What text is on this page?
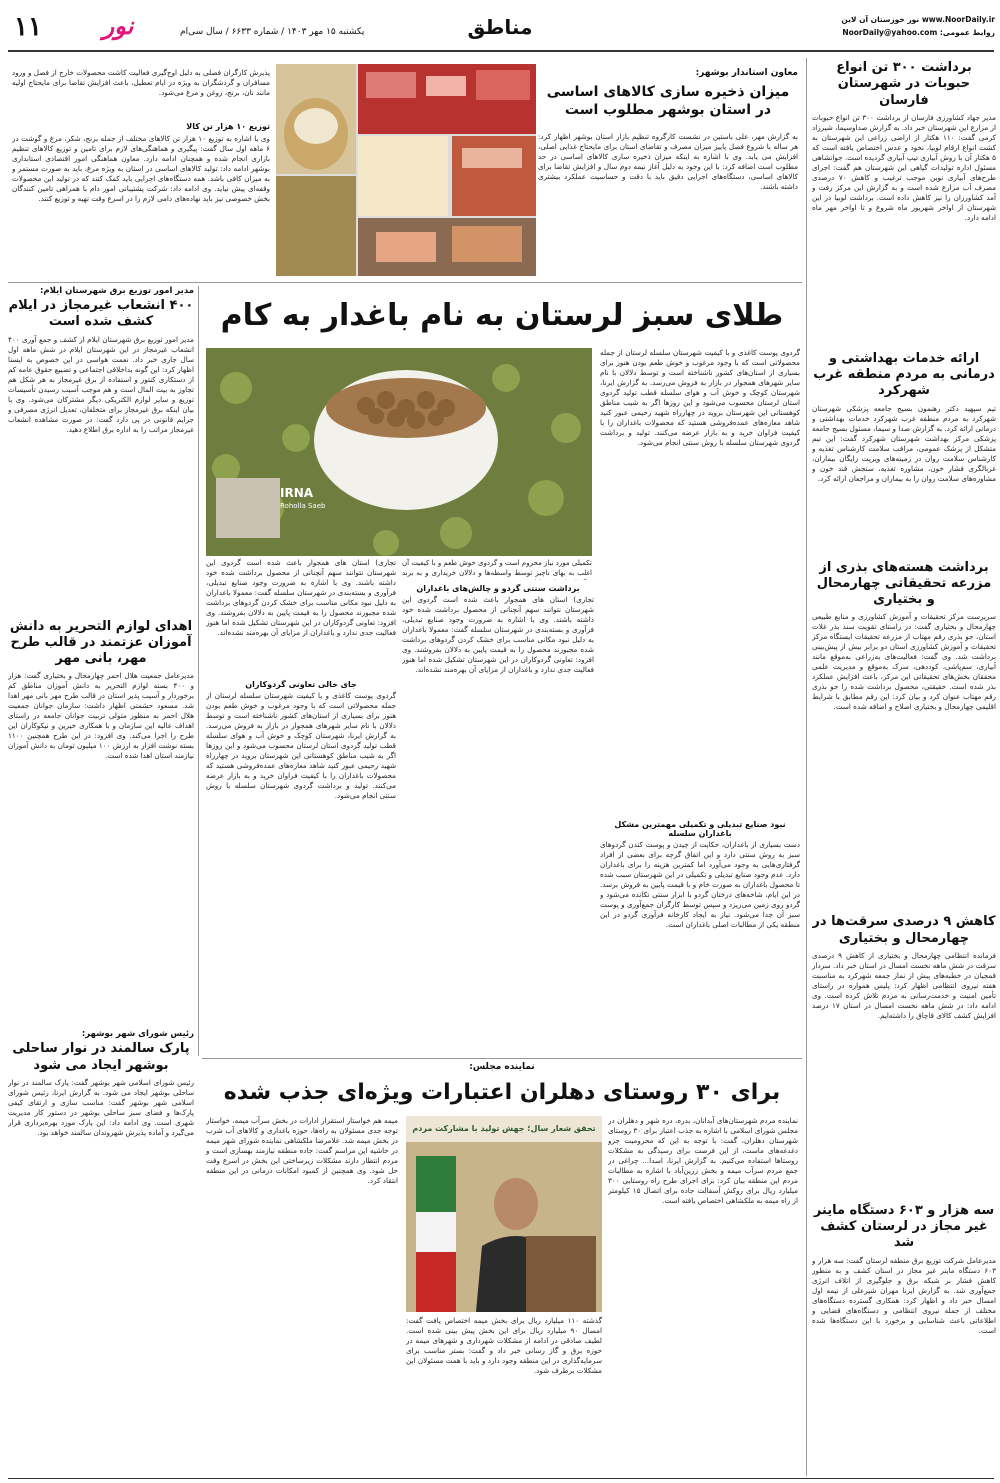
۱۱	نور	یکشنبه ۱۵ مهر ۱۴۰۳ / شماره ۶۶۳۳ / سال سی‌ام	مناطق	www.NoorDaily.ir نور خوزستان آن لاین
روابط عمومی: NoorDaily@yahoo.com
برداشت ۳۰۰ تن انواع حبوبات در شهرستان فارسان
مدیر جهاد کشاورزی فارسان از برداشت ۳۰۰ تن انواع حبوبات از مزارع این شهرستان خبر داد. به گزارش صداوسیما، شیرزاد کرمی گفت: ۱۱۰ هکتار از اراضی زراعی این شهرستان به کشت انواع ارقام لوبیا، نخود و عدس اختصاص یافته است که ۵ هکتار آن با روش آبیاری تیپ آبیاری گردیده است. جوانشاهی مسئول اداره تولیدات گیاهی این شهرستان هم گفت: اجرای طرح‌های آبیاری نوین موجب ترغیب و کاهش ۷۰ درصدی مصرف آب مزارع شده است و به گزارش این مرکز رفت و آمد کشاورزان را نیز کاهش داده است. برداشت لوبیا در این شهرستان از اواخر شهریور ماه شروع و تا اواخر مهر ماه ادامه دارد.
ارائه خدمات بهداشتی و درمانی به مردم منطقه غرب شهرکرد
تیم سپهید دکتر رهنمون بسیج جامعه پزشکی شهرستان شهرکرد به مردم منطقه غرب شهرکرد خدمات بهداشتی و درمانی ارائه کرد. به گزارش صدا و سیما، مسئول بسیج جامعه پزشکی مرکز بهداشت شهرستان شهرکرد گفت: این تیم متشکل از پزشک عمومی، مراقب سلامت کارشناس تغذیه و کارشناس سلامت روان در زمینه‌های ویزیت رایگان بیماران، غربالگری فشار خون، مشاوره تغذیه، سنجش قند خون و مشاوره‌های سلامت روان را به بیماران و مراجعان ارائه کرد.
برداشت هسته‌های بذری از مزرعه تحقیقاتی چهارمحال و بختیاری
سرپرست مرکز تحقیقات و آموزش کشاورزی و منابع طبیعی چهارمحال و بختیاری گفت: در راستای تقویت سند بذر غلات استان، جو بذری رقم مهتاب از مزرعه تحقیقات ایستگاه مرکز تحقیقات و آموزش کشاورزی استان دو برابر بیش از پیش‌بینی برداشت شد. وی گفت: فعالیت‌های به‌زراعی به‌موقع مانند آبیاری، سم‌پاشی، کوددهی، سرک به‌موقع و مدیریت علمی محققان بخش‌های تحقیقاتی این مرکز، باعث افزایش عملکرد بذر شده است. حقیقتی، محصول برداشت شده را جو بذری رقم مهتاب عنوان کرد و بیان کرد: این رقم مطابق با شرایط اقلیمی چهارمحال و بختیاری اصلاح و اضافه شده است.
کاهش ۹ درصدی سرقت‌ها در چهارمحال و بختیاری
فرمانده انتظامی چهارمحال و بختیاری از کاهش ۹ درصدی سرقت در شش ماهه نخست امسال در استان خبر داد. سردار قمجیان در خطبه‌های پیش از نماز جمعه شهرکرد به مناسبت هفته نیروی انتظامی اظهار کرد: پلیس همواره در راستای تأمین امنیت و خدمت‌رسانی به مردم تلاش کرده است. وی ادامه داد: در شش ماهه نخست امسال در استان ۱۷ درصد افزایش کشف کالای قاچاق را داشته‌ایم.
سه هزار و ۶۰۳ دستگاه ماینر غیر مجاز در لرستان کشف شد
مدیرعامل شرکت توزیع برق منطقه لرستان گفت: سه هزار و ۶۰۳ دستگاه ماینر غیر مجاز در استان کشف و به منظور کاهش فشار بر شبکه برق و جلوگیری از اتلاف انرژی جمع‌آوری شد. به گزارش ایرنا مهران شیرعلی از نیمه اول امسال خبر داد و اظهار کرد: همکاری گسترده دستگاه‌های مختلف از جمله نیروی انتظامی و دستگاه‌های قضایی و اطلاعاتی باعث شناسایی و برخورد با این دستگاه‌ها شده است.
معاون استاندار بوشهر:
میزان ذخیره سازی کالاهای اساسی در استان بوشهر مطلوب است
به گزارش مهر، علی باستین در نشست کارگروه تنظیم بازار استان بوشهر اظهار کرد: هر ساله با شروع فصل پاییز میزان مصرف و تقاضای استان برای مایحتاج غذایی اصلی، افزایش می یابد. وی با اشاره به اینکه میزان ذخیره سازی کالاهای اساسی در حد مطلوب است اضافه کرد: با این وجود به دلیل آغاز نیمه دوم سال و افزایش تقاضا برای کالاهای اساسی، دستگاه‌های اجرایی دقیق باید با دقت و حساسیت عملکرد بیشتری داشته باشند.
پذیرش کارگران فصلی به دلیل اوج‌گیری فعالیت کاشت محصولات خارج از فصل و ورود مسافران و گردشگران به ویژه در ایام تعطیل، باعث افزایش تقاضا برای مایحتاج اولیه مانند نان، برنج، روغن و مرغ می‌شود.
توزیع ۱۰ هزار تن کالا
وی با اشاره به توزیع ۱۰ هزار تن کالاهای مختلف از جمله برنج، شکر، مرغ و گوشت در ۶ ماهه اول سال گفت: پیگیری و هماهنگی‌های لازم برای تامین و توزیع کالاهای تنظیم بازاری انجام شده و همچنان ادامه دارد. معاون هماهنگی امور اقتصادی استانداری بوشهر ادامه داد: تولید کالاهای اساسی در استان به ویژه مرغ، باید به صورت مستمر و به میزان کافی باشد. همه دستگاه‌های اجرایی باید کمک کنند که در تولید این محصولات وقفه‌ای پیش نیاید. وی ادامه داد: شرکت پشتیبانی امور دام با همراهی تامین کنندگان بخش خصوصی نیز باید نهاده‌های دامی لازم را در اسرع وقت تهیه و توزیع کنند.
مدیر امور توزیع برق شهرستان ایلام:
۴۰۰ انشعاب غیرمجاز در ایلام کشف شده است
مدیر امور توزیع برق شهرستان ایلام از کشف و جمع آوری ۴۰۰ انشعاب غیرمجاز در این شهرستان ایلام در شش ماهه اول سال جاری خبر داد. نعمت هواسی در این خصوص به ایسنا اظهار کرد: این گونه بداخلاقی اجتماعی و تضییع حقوق عامه کم از دستکاری کنتور و استفاده از برق غیرمجاز به هر شکل هم تجاوز به بیت المال است و هم موجب آسیب رسیدن تأسیسات توزیع و سایر لوازم الکتریکی دیگر مشترکان می‌شود. وی با بیان اینکه برق غیرمجاز برای متخلفان، تعدیل انرژی مصرفی و جرایم قانونی در پی دارد گفت: در صورت مشاهده انشعاب غیرمجاز مراتب را به اداره برق اطلاع دهید.
اهدای لوازم التحریر به دانش آموزان عزتمند در قالب طرح مهر، بانی مهر
مدیرعامل جمعیت هلال احمر چهارمحال و بختیاری گفت: هزار و ۴۰۰ بسته لوازم التحریر به دانش آموزان مناطق کم برخوردار و آسیب پذیر استان در قالب طرح مهر بانی مهر اهدا شد. مسعود حشمتی اظهار داشت: سازمان جوانان جمعیت هلال احمر به منظور متولی تربیت جوانان جامعه در راستای اهداف عالیه این سازمان و با همکاری خیرین و نیکوکاران این طرح را اجرا می‌کند. وی افزود: در این طرح همچنین ۱۱۰۰ بسته نوشت افزار به ارزش ۱۰۰ میلیون تومان به دانش آموزان نیازمند استان اهدا شده است.
رئیس شورای شهر بوشهر:
پارک سالمند در نوار ساحلی بوشهر ایجاد می شود
رئیس شورای اسلامی شهر بوشهر گفت: پارک سالمند در نوار ساحلی بوشهر ایجاد می شود. به گزارش ایرنا، رئیس شورای اسلامی شهر بوشهر گفت: مناسب سازی و ارتقای کیفی پارک‌ها و فضای سبز ساحلی بوشهر در دستور کار مدیریت شهری است. وی ادامه داد: این پارک مورد بهره‌برداری قرار می‌گیرد و آماده پذیرش شهروندان سالمند خواهد بود.
طلای سبز لرستان به نام باغدار به کام
IRNA
Roholla Saeb
تکمیلی مورد نیاز محروم است و گردوی خوش طعم و با کیفیت آن اغلب به بهای ناچیز توسط واسطه‌ها و دلالان خریداری و به برند
گردوی پوست کاغذی و با کیفیت شهرستان سلسله لرستان از جمله محصولاتی است که با وجود مرغوب و خوش طعم بودن هنوز برای بسیاری از استان‌های کشور ناشناخته است و توسط دلالان با نام سایر شهرهای همجوار در بازار به فروش می‌رسد. به گزارش ایرنا، شهرستان کوچک و خوش آب و هوای سلسله قطب تولید گردوی استان لرستان محسوب می‌شود و این روزها اگر به شیب مناطق کوهستانی این شهرستان بروید در چهارراه شهید رحیمی عبور کنید شاهد معازه‌های عمده‌فروشی هستید که محصولات باغداران را با کیفیت فراوان خرید و به بازار عرضه می‌کنند. تولید و برداشت گردوی شهرستان سلسله با روش سنتی انجام می‌شود.
نبود صنایع تبدیلی و تکمیلی مهمترین مشکل باغداران سلسله
دست بسیاری از باغداران، حکایت از چیدن و پوست کندن گردوهای سبز به روش سنتی دارد و این اتفاق گرچه برای بعضی از افراد گرفتاری‌هایی به وجود می‌آورد اما کمترین هزینه را برای باغداران دارد. عدم وجود صنایع تبدیلی و تکمیلی در این شهرستان سبب شده تا محصول باغداران به صورت خام و با قیمت پایین به فروش برسد. در این ایام، شاخه‌های درختان گردو با ابزار سنتی تکانده می‌شود و گردو روی زمین می‌ریزد و سپس توسط کارگران جمع‌آوری و پوست سبز آن جدا می‌شود. نیاز به ایجاد کارخانه فرآوری گردو در این منطقه یکی از مطالبات اصلی باغداران است.
برداشت سنتی گردو و چالش‌های باغداران
تجاری) استان های همجوار باعث شده است گردوی این شهرستان نتوانند سهم آنچنانی از محصول برداشت شده خود داشته باشند. وی با اشاره به ضرورت وجود صنایع تبدیلی، فرآوری و بسته‌بندی در شهرستان سلسله گفت: معمولا باغداران به دلیل نبود مکانی مناسب برای خشک کردن گردوهای برداشت شده مجبورند محصول را به قیمت پایین به دلالان بفروشند. وی افزود: تعاونی گردوکاران در این شهرستان تشکیل شده اما هنوز فعالیت جدی ندارد و باغداران از مزایای آن بهره‌مند نشده‌اند.
تجاری) استان های همجوار باعث شده است گردوی این شهرستان نتوانند سهم آنچنانی از محصول برداشت شده خود داشته باشند. وی با اشاره به ضرورت وجود صنایع تبدیلی، فرآوری و بسته‌بندی در شهرستان سلسله گفت: معمولا باغداران به دلیل نبود مکانی مناسب برای خشک کردن گردوهای برداشت شده مجبورند محصول را به قیمت پایین به دلالان بفروشند. وی افزود: تعاونی گردوکاران در این شهرستان تشکیل شده اما هنوز فعالیت جدی ندارد و باغداران از مزایای آن بهره‌مند نشده‌اند.
جای خالی تعاونی گردوکاران
گردوی پوست کاغذی و با کیفیت شهرستان سلسله لرستان از جمله محصولاتی است که با وجود مرغوب و خوش طعم بودن هنوز برای بسیاری از استان‌های کشور ناشناخته است و توسط دلالان با نام سایر شهرهای همجوار در بازار به فروش می‌رسد. به گزارش ایرنا، شهرستان کوچک و خوش آب و هوای سلسله قطب تولید گردوی استان لرستان محسوب می‌شود و این روزها اگر به شیب مناطق کوهستانی این شهرستان بروید در چهارراه شهید رحیمی عبور کنید شاهد معازه‌های عمده‌فروشی هستید که محصولات باغداران را با کیفیت فراوان خرید و به بازار عرضه می‌کنند. تولید و برداشت گردوی شهرستان سلسله با روش سنتی انجام می‌شود.
نماینده مجلس:
برای ۳۰ روستای دهلران اعتبارات ویژه‌ای جذب شده
نماینده مردم شهرستان‌های آبدانان، بدره، دره شهر و دهلران در مجلس شورای اسلامی با اشاره به جذب اعتبار برای ۳۰ روستای شهرستان دهلران، گفت: با توجه به این که محرومیت جزو دغدغه‌های ماست، از این فرصت برای رسیدگی به مشکلات روستاها استفاده می‌کنیم. به گزارش ایرنا، اسدا... چراغی در جمع مردم سرآب میمه و بخش زرین‌آباد با اشاره به مطالبات مردم این منطقه بیان کرد: برای اجرای طرح راه روستایی ۳۰۰ میلیارد ریال برای روکش آسفالت جاده برای اتصال ۱۵ کیلومتر از راه میمه به ملکشاهی اختصاص یافته است.
تحقق شعار سال؛ جهش تولید با مشارکت مردم
گذشته ۱۱۰ میلیارد ریال برای بخش میمه اختصاص یافت گفت: امسال ۹۰ میلیارد ریال برای این بخش پیش بینی شده است. لطیف صادقی در ادامه از مشکلات شهرداری و شهرهای میمه در حوزه برق و گاز رسانی خبر داد و گفت: بستر مناسب برای سرمایه‌گذاری در این منطقه وجود دارد و باید با همت مسئولان این مشکلات برطرف شود.
میمه هم خواستار استقرار ادارات در بخش سرآب میمه، خواستار توجه جدی مسئولان به راه‌ها، حوزه باغداری و کالاهای آب شرب در بخش میمه شد. غلامرضا ملکشاهی نماینده شورای شهر میمه در حاشیه این مراسم گفت: جاده منطقه نیازمند بهسازی است و مردم انتظار دارند مشکلات زیرساختی این بخش در اسرع وقت حل شود. وی همچنین از کمبود امکانات درمانی در این منطقه انتقاد کرد.
